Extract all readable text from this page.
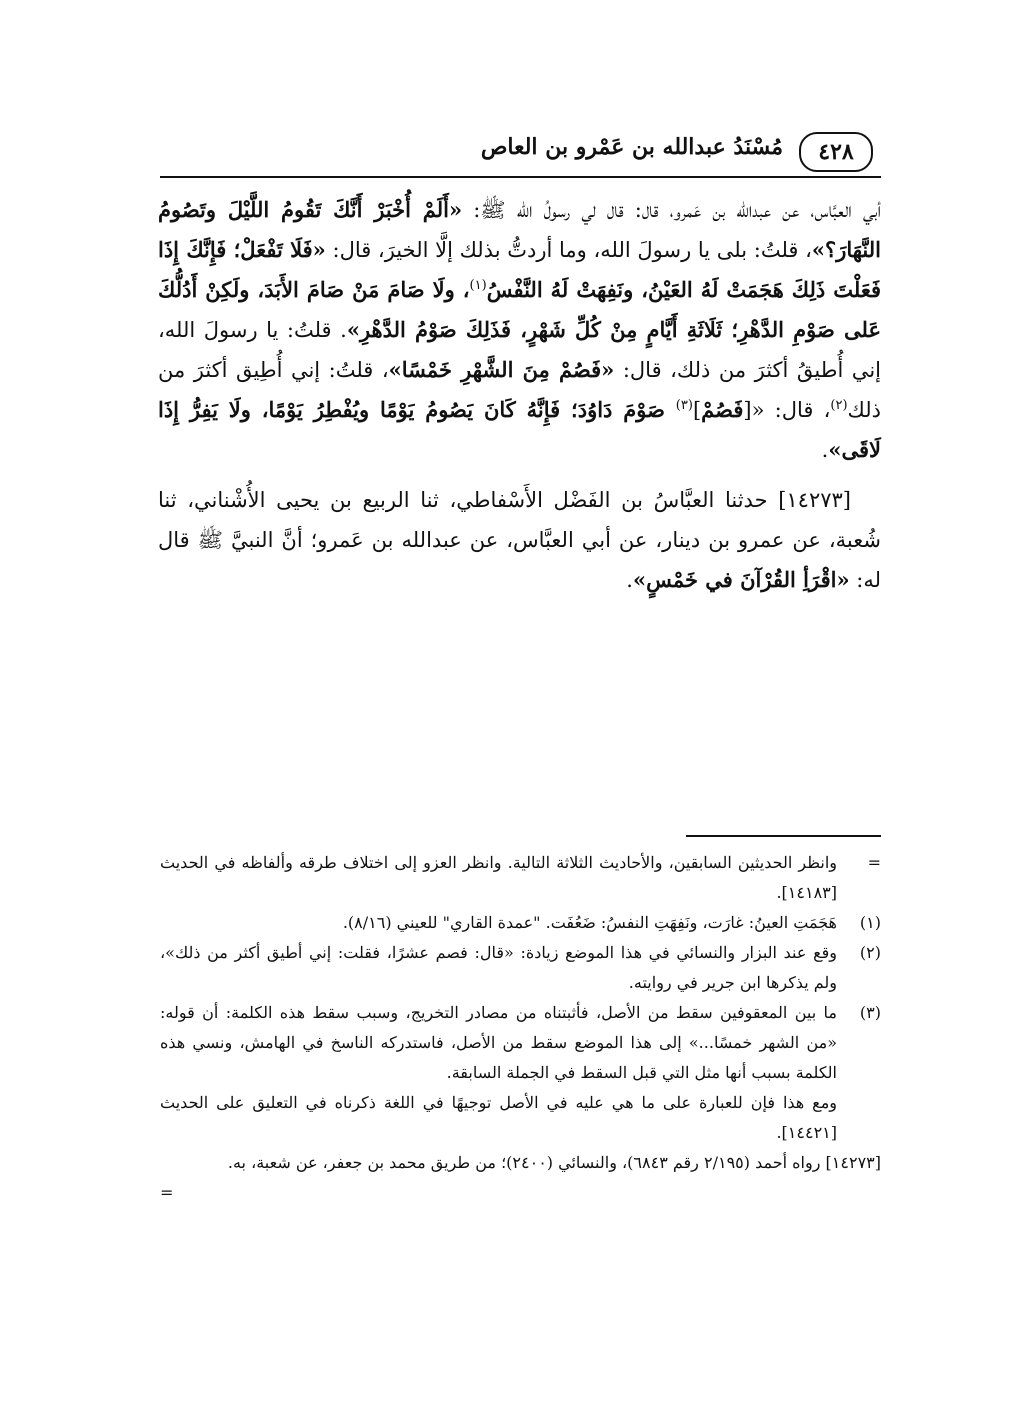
٤٢٨
مُسْنَدُ عبدالله بن عَمْرو بن العاص

أبي العبَّاس، عن عبدالله بن عَمرو، قال: قال لي رسولُ الله ﷺ: «أَلَمْ أُخْبَرْ أَنَّكَ تَقُومُ اللَّيْلَ وتَصُومُ النَّهَارَ؟»، قلتُ: بلى يا رسولَ الله، وما أردتُّ بذلك إلَّا الخيرَ، قال: «فَلَا تَفْعَلْ؛ فَإِنَّكَ إِذَا فَعَلْتَ ذَلِكَ هَجَمَتْ لَهُ العَيْنُ، ونَفِهَتْ لَهُ النَّفْسُ$^{(١)}$، ولَا صَامَ مَنْ صَامَ الأَبَدَ، ولَكِنْ أَدُلُّكَ عَلى صَوْمِ الدَّهْرِ؛ ثَلَاثَةِ أَيَّامٍ مِنْ كُلِّ شَهْرٍ، فَذَلِكَ صَوْمُ الدَّهْرِ». قلتُ: يا رسولَ الله، إني أُطيقُ أكثرَ من ذلك، قال: «فَصُمْ مِنَ الشَّهْرِ خَمْسًا»، قلتُ: إني أُطِيق أكثرَ من ذلك$^{(٢)}$، قال: «[فَصُمْ]$^{(٣)}$ صَوْمَ دَاوُدَ؛ فَإِنَّهُ كَانَ يَصُومُ يَوْمًا ويُفْطِرُ يَوْمًا، ولَا يَفِرُّ إِذَا لَاقَى».

[١٤٢٧٣] حدثنا العبَّاسُ بن الفَضْل الأَسْفاطي، ثنا الربيع بن يحيى الأُشْناني، ثنا شُعبة، عن عمرو بن دينار، عن أبي العبَّاس، عن عبدالله بن عَمرو؛ أنَّ النبيَّ ﷺ قال له: «اقْرَأِ القُرْآنَ في خَمْسٍ».

=
وانظر الحديثين السابقين، والأحاديث الثلاثة التالية. وانظر العزو إلى اختلاف طرقه وألفاظه في الحديث [١٤١٨٣].
(١)
هَجَمَتِ العينُ: غارَت، ونَفِهَتِ النفسُ: ضَعُفَت. "عمدة القاري" للعيني (٨/١٦).
(٢)
وقع عند البزار والنسائي في هذا الموضع زيادة: «قال: فصم عشرًا، فقلت: إني أطيق أكثر من ذلك»، ولم يذكرها ابن جرير في روايته.
(٣)
ما بين المعقوفين سقط من الأصل، فأثبتناه من مصادر التخريج، وسبب سقط هذه الكلمة: أن قوله: «من الشهر خمسًا...» إلى هذا الموضع سقط من الأصل، فاستدركه الناسخ في الهامش، ونسي هذه الكلمة بسبب أنها مثل التي قبل السقط في الجملة السابقة.

ومع هذا فإن للعبارة على ما هي عليه في الأصل توجيهًا في اللغة ذكرناه في التعليق على الحديث [١٤٤٢١].

[١٤٢٧٣] رواه أحمد (٢/١٩٥ رقم ٦٨٤٣)، والنسائي (٢٤٠٠)؛ من طريق محمد بن جعفر، عن شعبة، به.

=
